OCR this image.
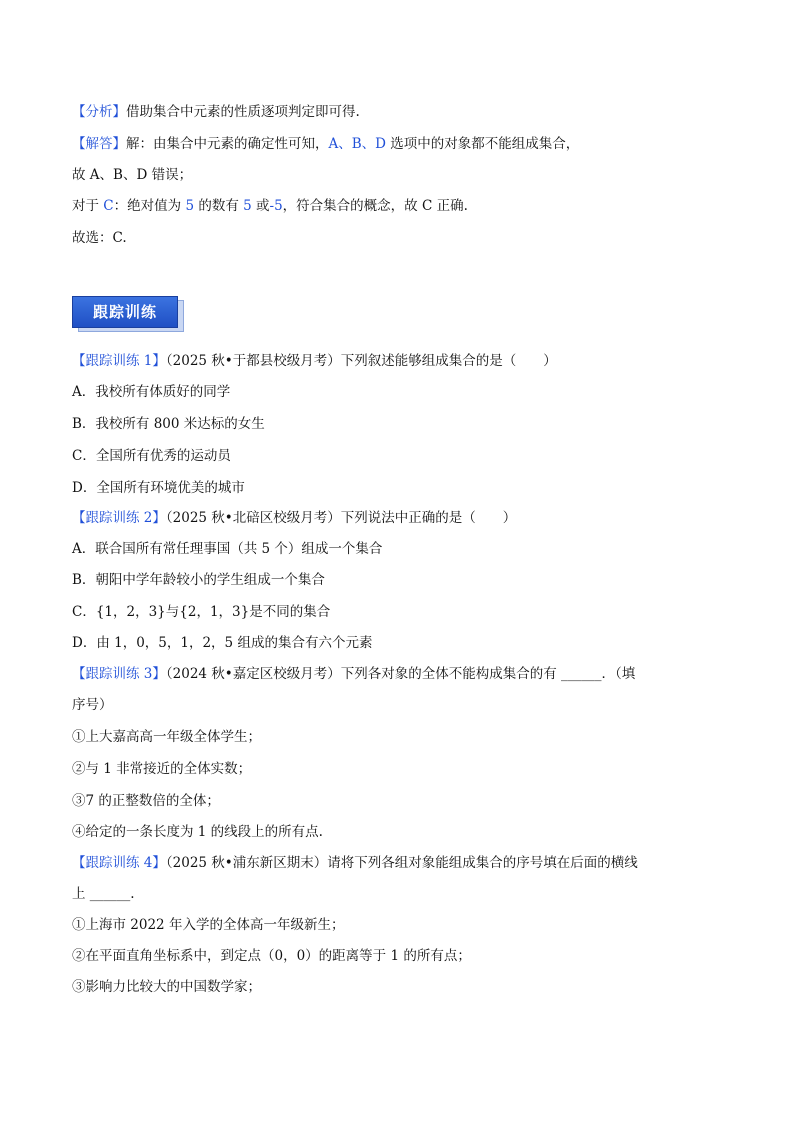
【分析】借助集合中元素的性质逐项判定即可得.
【解答】解：由集合中元素的确定性可知，A、B、D 选项中的对象都不能组成集合，
故 A、B、D 错误；
对于 C：绝对值为 5 的数有 5 或-5，符合集合的概念，故 C 正确.
故选：C.
跟踪训练
【跟踪训练 1】（2025 秋•于都县校级月考）下列叙述能够组成集合的是（　　）
A．我校所有体质好的同学
B．我校所有 800 米达标的女生
C．全国所有优秀的运动员
D．全国所有环境优美的城市
【跟踪训练 2】（2025 秋•北碚区校级月考）下列说法中正确的是（　　）
A．联合国所有常任理事国（共 5 个）组成一个集合
B．朝阳中学年龄较小的学生组成一个集合
C．{1，2，3}与{2，1，3}是不同的集合
D．由 1，0，5，1，2，5 组成的集合有六个元素
【跟踪训练 3】（2024 秋•嘉定区校级月考）下列各对象的全体不能构成集合的有 ______．（填
序号）
①上大嘉高高一年级全体学生；
②与 1 非常接近的全体实数；
③7 的正整数倍的全体；
④给定的一条长度为 1 的线段上的所有点.
【跟踪训练 4】（2025 秋•浦东新区期末）请将下列各组对象能组成集合的序号填在后面的横线
上 ______.
①上海市 2022 年入学的全体高一年级新生；
②在平面直角坐标系中，到定点（0，0）的距离等于 1 的所有点；
③影响力比较大的中国数学家；
